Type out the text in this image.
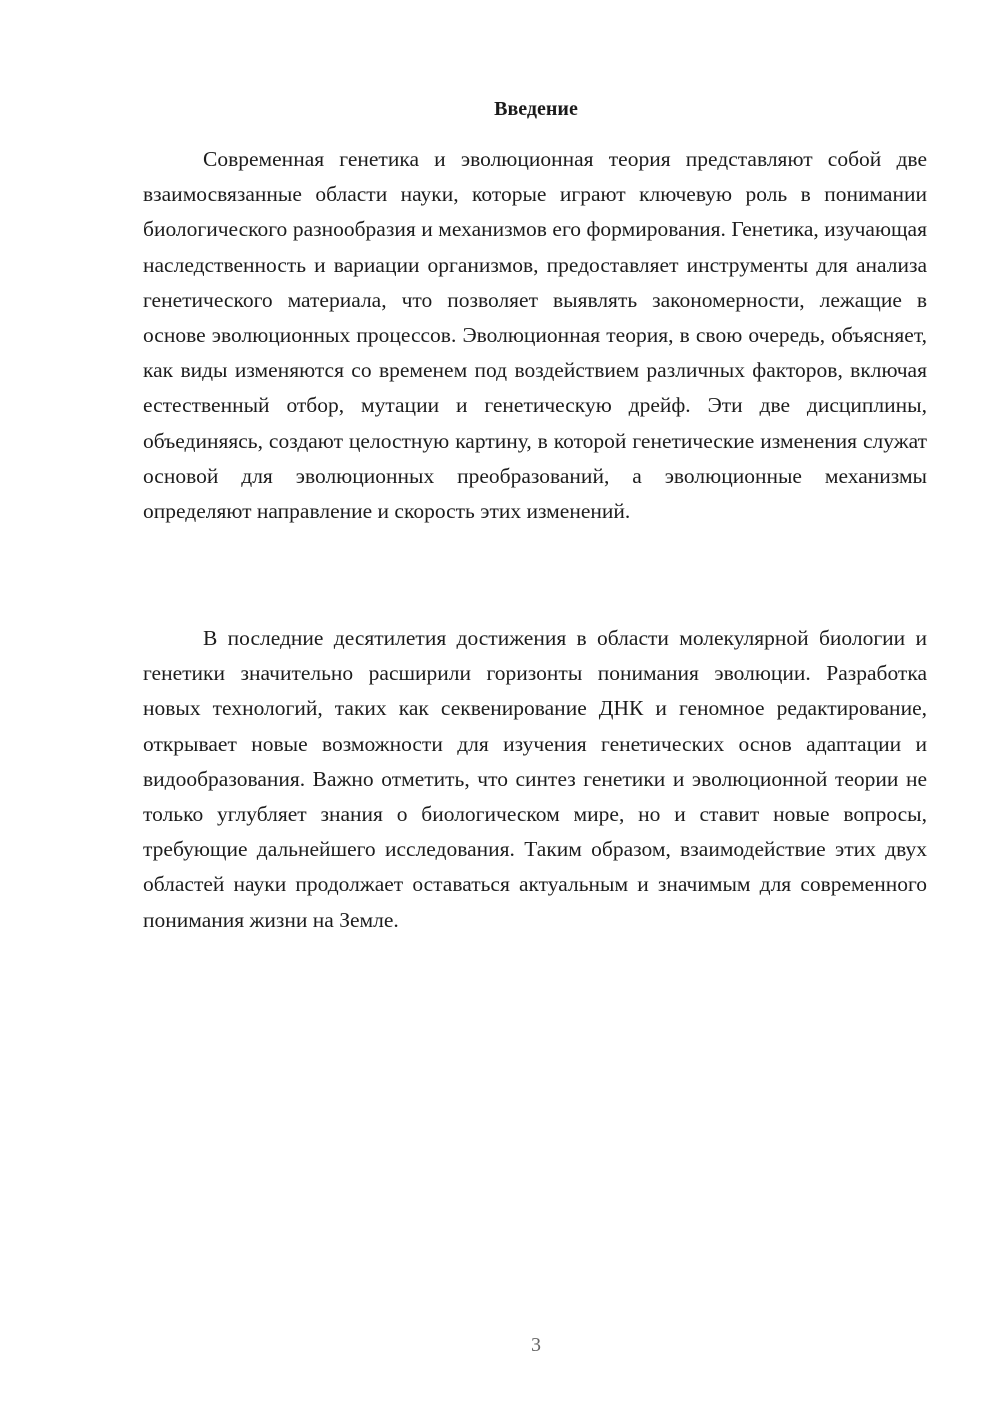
Введение

Современная генетика и эволюционная теория представляют собой две взаимосвязанные области науки, которые играют ключевую роль в понимании биологического разнообразия и механизмов его формирования. Генетика, изучающая наследственность и вариации организмов, предоставляет инструменты для анализа генетического материала, что позволяет выявлять закономерности, лежащие в основе эволюционных процессов. Эволюционная теория, в свою очередь, объясняет, как виды изменяются со временем под воздействием различных факторов, включая естественный отбор, мутации и генетическую дрейф. Эти две дисциплины, объединяясь, создают целостную картину, в которой генетические изменения служат основой для эволюционных преобразований, а эволюционные механизмы определяют направление и скорость этих изменений.

В последние десятилетия достижения в области молекулярной биологии и генетики значительно расширили горизонты понимания эволюции. Разработка новых технологий, таких как секвенирование ДНК и геномное редактирование, открывает новые возможности для изучения генетических основ адаптации и видообразования. Важно отметить, что синтез генетики и эволюционной теории не только углубляет знания о биологическом мире, но и ставит новые вопросы, требующие дальнейшего исследования. Таким образом, взаимодействие этих двух областей науки продолжает оставаться актуальным и значимым для современного понимания жизни на Земле.

3
